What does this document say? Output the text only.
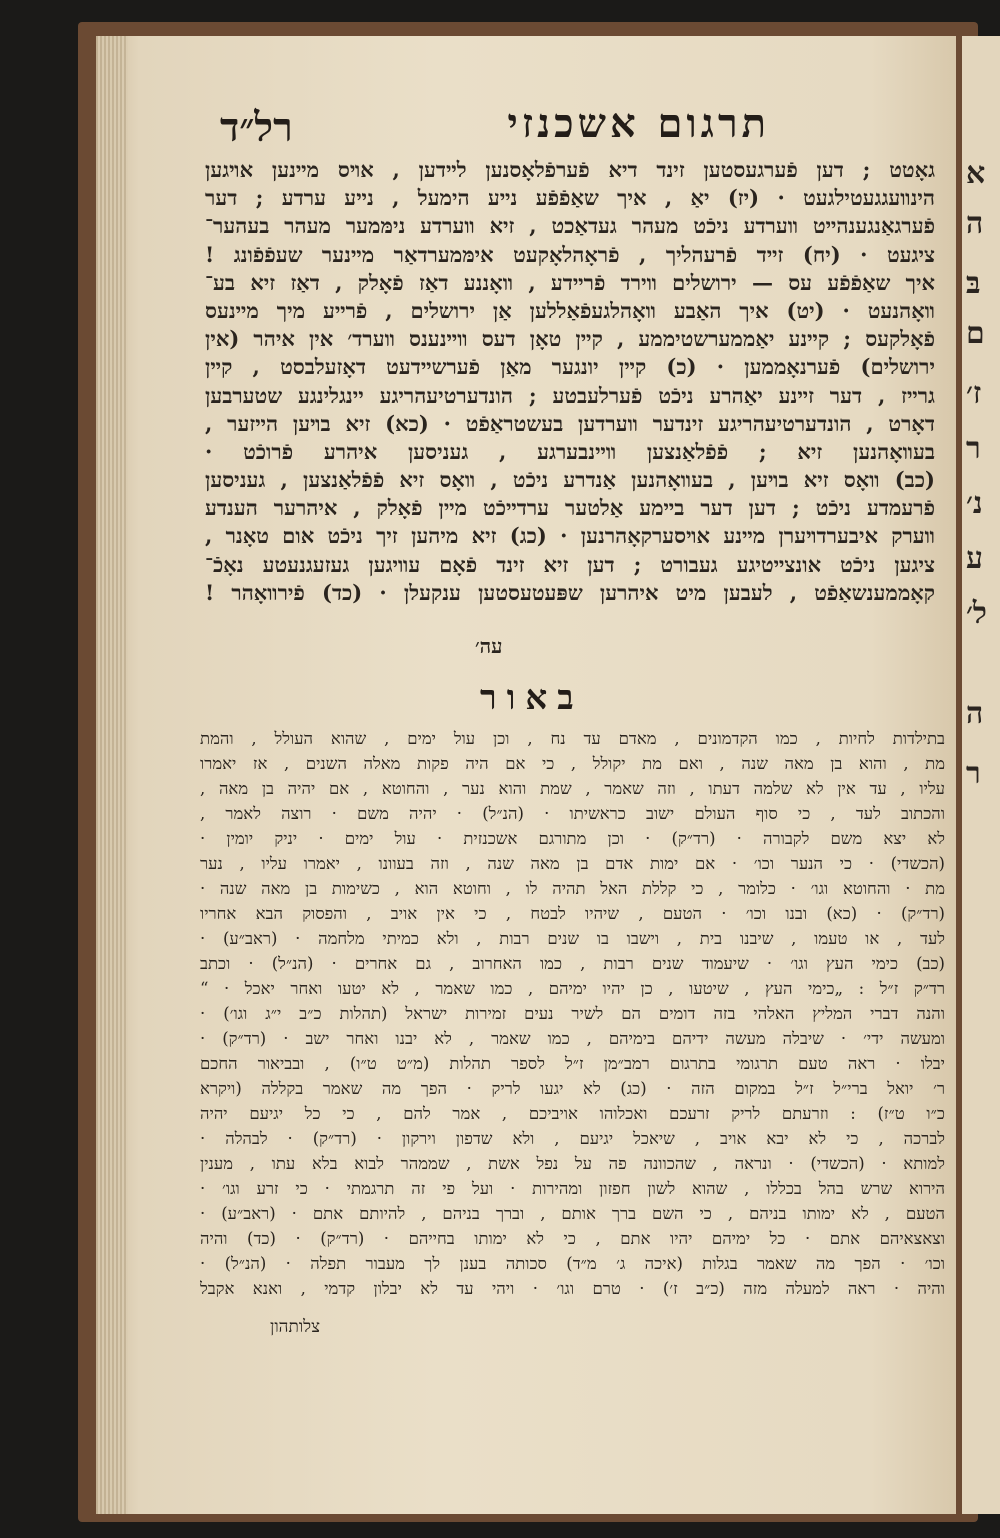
א
ה
בּ
ם
ז׳
ר
נ׳
ע
ל׳
ה
ר
תרגום אשכנזי
רל״ד
גאָטט ; דען פֿערגעסטען זינד דיא פֿערפֿלאָסנען לײדען , אױס מײנען אױגען
הינװעגגעטילגעט · (יז) יאַ , איך שאַפֿפֿע נײע הימעל , נײע ערדע ; דער
פֿערגאַנגענהײט װערדע ניכֿט מעהר געדאַכט , זיא װערדע נימּמער מעהר בעהער־
ציגעט · (יח) זײד פֿרעהליך , פֿראָהלאָקעט אימּמערדאַר מײנער שעפֿפֿונג !
איך שאַפֿפֿע עס — ירושלים װירד פֿרײדע , װאָננע דאַז פֿאָלק , דאַז זיא בע־
װאָהנעט · (יט) איך האַבע װאָהלגעפֿאַללען אַן ירושלים , פֿרײע מיך מײנעס
פֿאָלקעס ; קײנע יאַממערשטיממע , קײן טאָן דעס װײנענס װערד׳ אין איהר (אין
ירושלים) פֿערנאָממען · (כ) קײן יונגער מאַן פֿערשײדעט דאָזעלבסט , קײן
גרײז , דער זײנע יאַהרע ניכֿט פֿערלעבטע ; הונדערטיעהריגע יינגלינגע שטערבען
דאָרט , הונדערטיעהריגע זינדער װערדען בעשטראַפֿט · (כא) זיא בױען הײזער ,
בעװאָהנען זיא ; פֿפֿלאַנצען װײנבערגע , געניסען איהרע פֿרוכֿט ·
(כב) װאָס זיא בױען , בעװאָהנען אַנדרע ניכֿט , װאָס זיא פֿפֿלאַנצען , געניסען
פֿרעמדע ניכֿט ; דען דער בײמע אַלטער ערדײכֿט מײן פֿאָלק , איהרער הענדע
װערק איבערדױערן מײנע אױסערקאָהרנען · (כג) זיא מיהען זיך ניכֿט אום טאָנר ,
ציגען ניכֿט אונצײטיגע געבורט ; דען זיא זינד פֿאָם עװיגען געזעגנעטע נאָכֿ־
קאָממענשאַפֿט , לעבען מיט איהרען שפּעטעסטען ענקעלן · (כד) פֿירװאָהר !
עה׳
באור
בתילדות לחיות , כמו הקדמונים , מאדם עד נח , וכן עול ימים , שהוא העולל , והמת
מת , והוא בן מאה שנה , ואם מת יקולל , כי אם היה פקות מאלה השנים , אז יאמרו
עליו , עד אין לא שלמה דעתו , וזה שאמר , שמת והוא נער , והחוטא , אם יהיה בן מאה ,
והכתוב לעד , כי סוף העולם ישוב כראשיתו · (הנ״ל) · יהיה משם · רוצה לאמר ,
לא יצא משם לקבורה · (רד״ק) · וכן מתורגם אשכנזית · עול ימים · יניק יומין ·
(הכשדי) · כי הנער וכו׳ · אם ימות אדם בן מאה שנה , וזה בעוונו , יאמרו עליו , נער
מת · והחוטא וגו׳ · כלומר , כי קללת האל תהיה לו , וחוטא הוא , כשימות בן מאה שנה ·
(רד״ק) · (כא) ובנו וכו׳ · הטעם , שיהיו לבטח , כי אין אויב , והפסוק הבא אחריו
לעד , או טעמו , שיבנו בית , וישבו בו שנים רבות , ולא כמיתי מלחמה · (ראב״ע) ·
(כב) כימי העץ וגו׳ · שיעמוד שנים רבות , כמו האחרוב , גם אחרים · (הנ״ל) · וכתב
רד״ק ז״ל : „כימי העץ , שיטעו , כן יהיו ימיהם , כמו שאמר , לא יטעו ואחר יאכל · “
והנה דברי המליץ האלהי בזה דומים הם לשיר נעים זמירות ישראל (תהלות כ״ב י״ג וגו׳) ·
ומעשה ידי׳ · שיבלה מעשה ידיהם בימיהם , כמו שאמר , לא יבנו ואחר ישב · (רד״ק) ·
יבלו · ראה טעם תרגומי בתרגום רמב״מן ז״ל לספר תהלות (מ״ט ט״ו) , ובביאור החכם
ר׳ יואל ברי״ל ז״ל במקום הזה · (כג) לא יגעו לריק · הפך מה שאמר בקללה (ויקרא
כ״ו ט״ז) : וזרעתם לריק זרעכם ואכלוהו אויביכם , אמר להם , כי כל יגיעם יהיה
לברכה , כי לא יבא אויב , שיאכל יגיעם , ולא שדפון וירקון · (רד״ק) · לבהלה ·
למותא · (הכשדי) · ונראה , שהכוונה פה על נפל אשת , שממהר לבוא בלא עתו , מענין
הירוא שרש בהל בכללו , שהוא לשון חפזון ומהירות · ועל פי זה תרגמתי · כי זרע וגו׳ ·
הטעם , לא ימותו בניהם , כי השם ברך אותם , וברך בניהם , להיותם אתם · (ראב״ע) ·
וצאצאיהם אתם · כל ימיהם יהיו אתם , כי לא ימותו בחייהם · (רד״ק) · (כד) והיה
וכו׳ · הפך מה שאמר בגלות (איכה ג׳ מ״ד) סכותה בענן לך מעבור תפלה · (הנ״ל) ·
והיה · ראה למעלה מזה (כ״ב ז׳) · טרם וגו׳ · ויהי עד לא יבלון קדמי , ואנא אקבל
צלותהון
